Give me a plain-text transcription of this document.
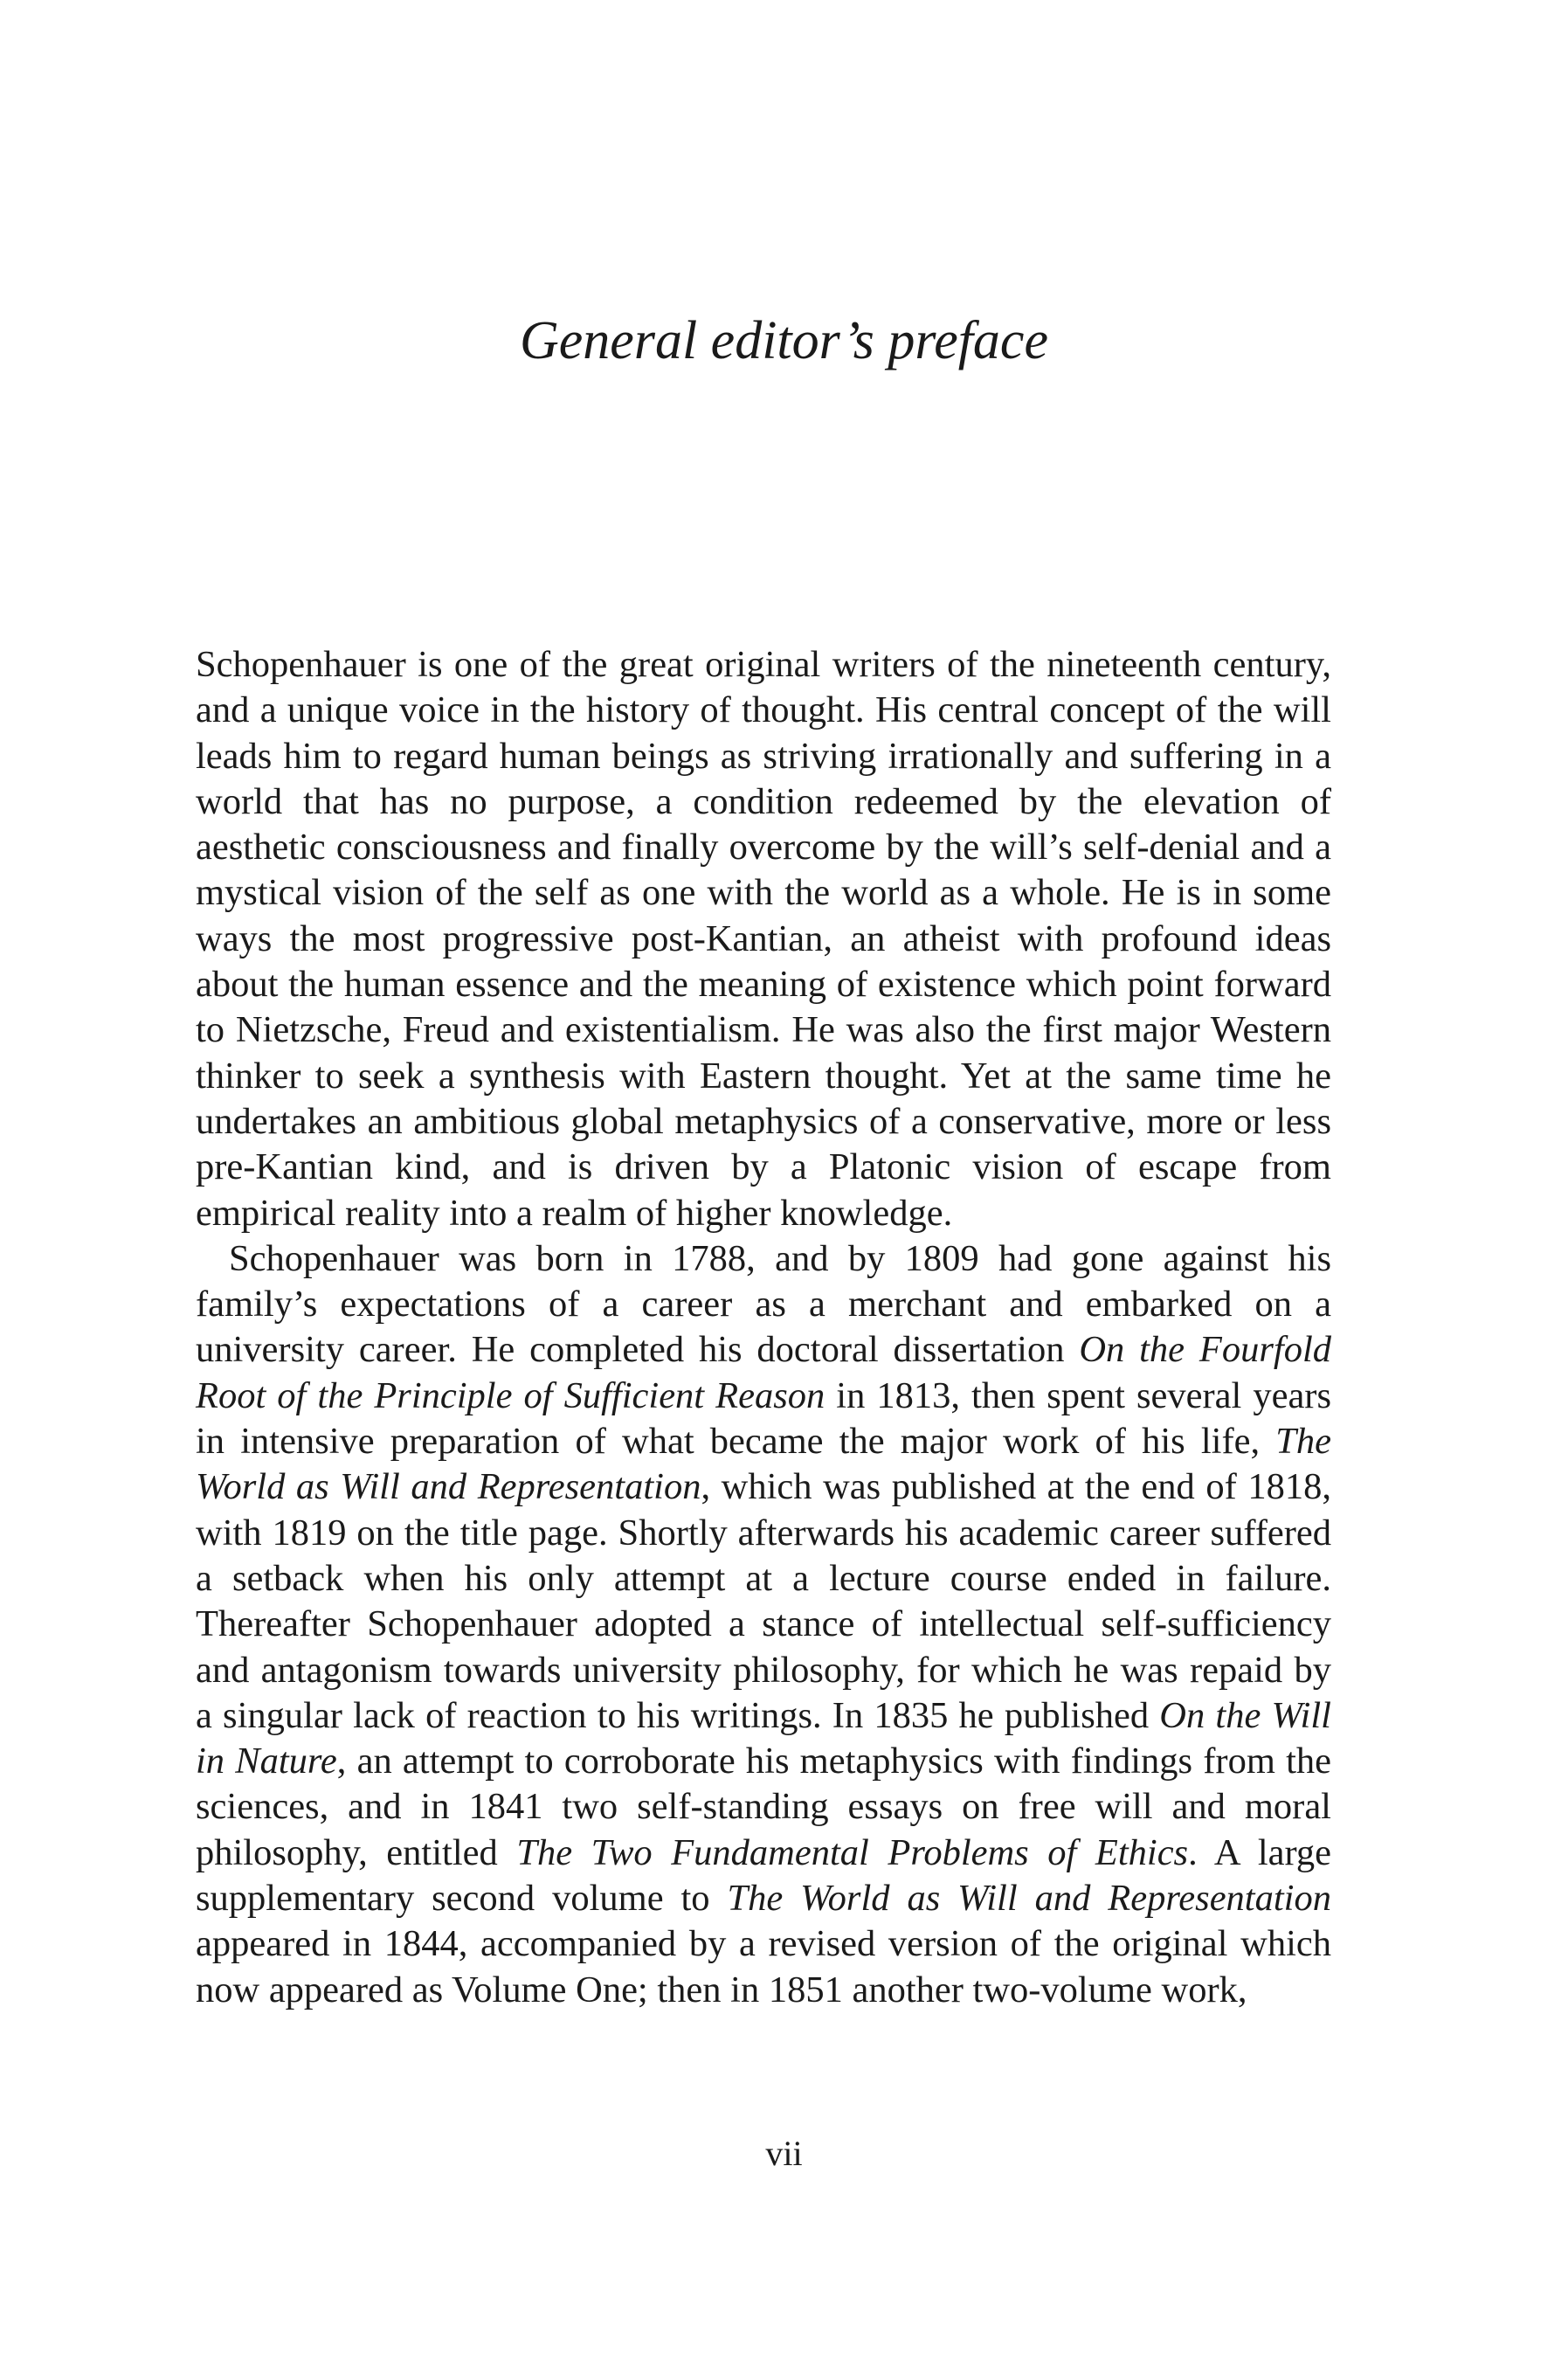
General editor’s preface

Schopenhauer is one of the great original writers of the nineteenth century, and a unique voice in the history of thought. His central concept of the will leads him to regard human beings as striving irrationally and suffering in a world that has no purpose, a condition redeemed by the elevation of aesthetic consciousness and finally overcome by the will’s self-denial and a mystical vision of the self as one with the world as a whole. He is in some ways the most progressive post-Kantian, an atheist with profound ideas about the human essence and the meaning of existence which point forward to Nietzsche, Freud and existentialism. He was also the first major Western thinker to seek a synthesis with Eastern thought. Yet at the same time he undertakes an ambitious global metaphysics of a conservative, more or less pre-Kantian kind, and is driven by a Platonic vision of escape from empirical reality into a realm of higher knowledge.

Schopenhauer was born in 1788, and by 1809 had gone against his family’s expectations of a career as a merchant and embarked on a university career. He completed his doctoral dissertation On the Fourfold Root of the Principle of Sufficient Reason in 1813, then spent several years in intensive preparation of what became the major work of his life, The World as Will and Representation, which was published at the end of 1818, with 1819 on the title page. Shortly afterwards his academic career suffered a setback when his only attempt at a lecture course ended in failure. Thereafter Schopenhauer adopted a stance of intellectual self-sufficiency and antagonism towards university philosophy, for which he was repaid by a singular lack of reaction to his writings. In 1835 he published On the Will in Nature, an attempt to corroborate his metaphysics with findings from the sciences, and in 1841 two self-standing essays on free will and moral philosophy, entitled The Two Fundamental Problems of Ethics. A large supplementary second volume to The World as Will and Representation appeared in 1844, accompanied by a revised version of the original which now appeared as Volume One; then in 1851 another two-volume work,

vii
